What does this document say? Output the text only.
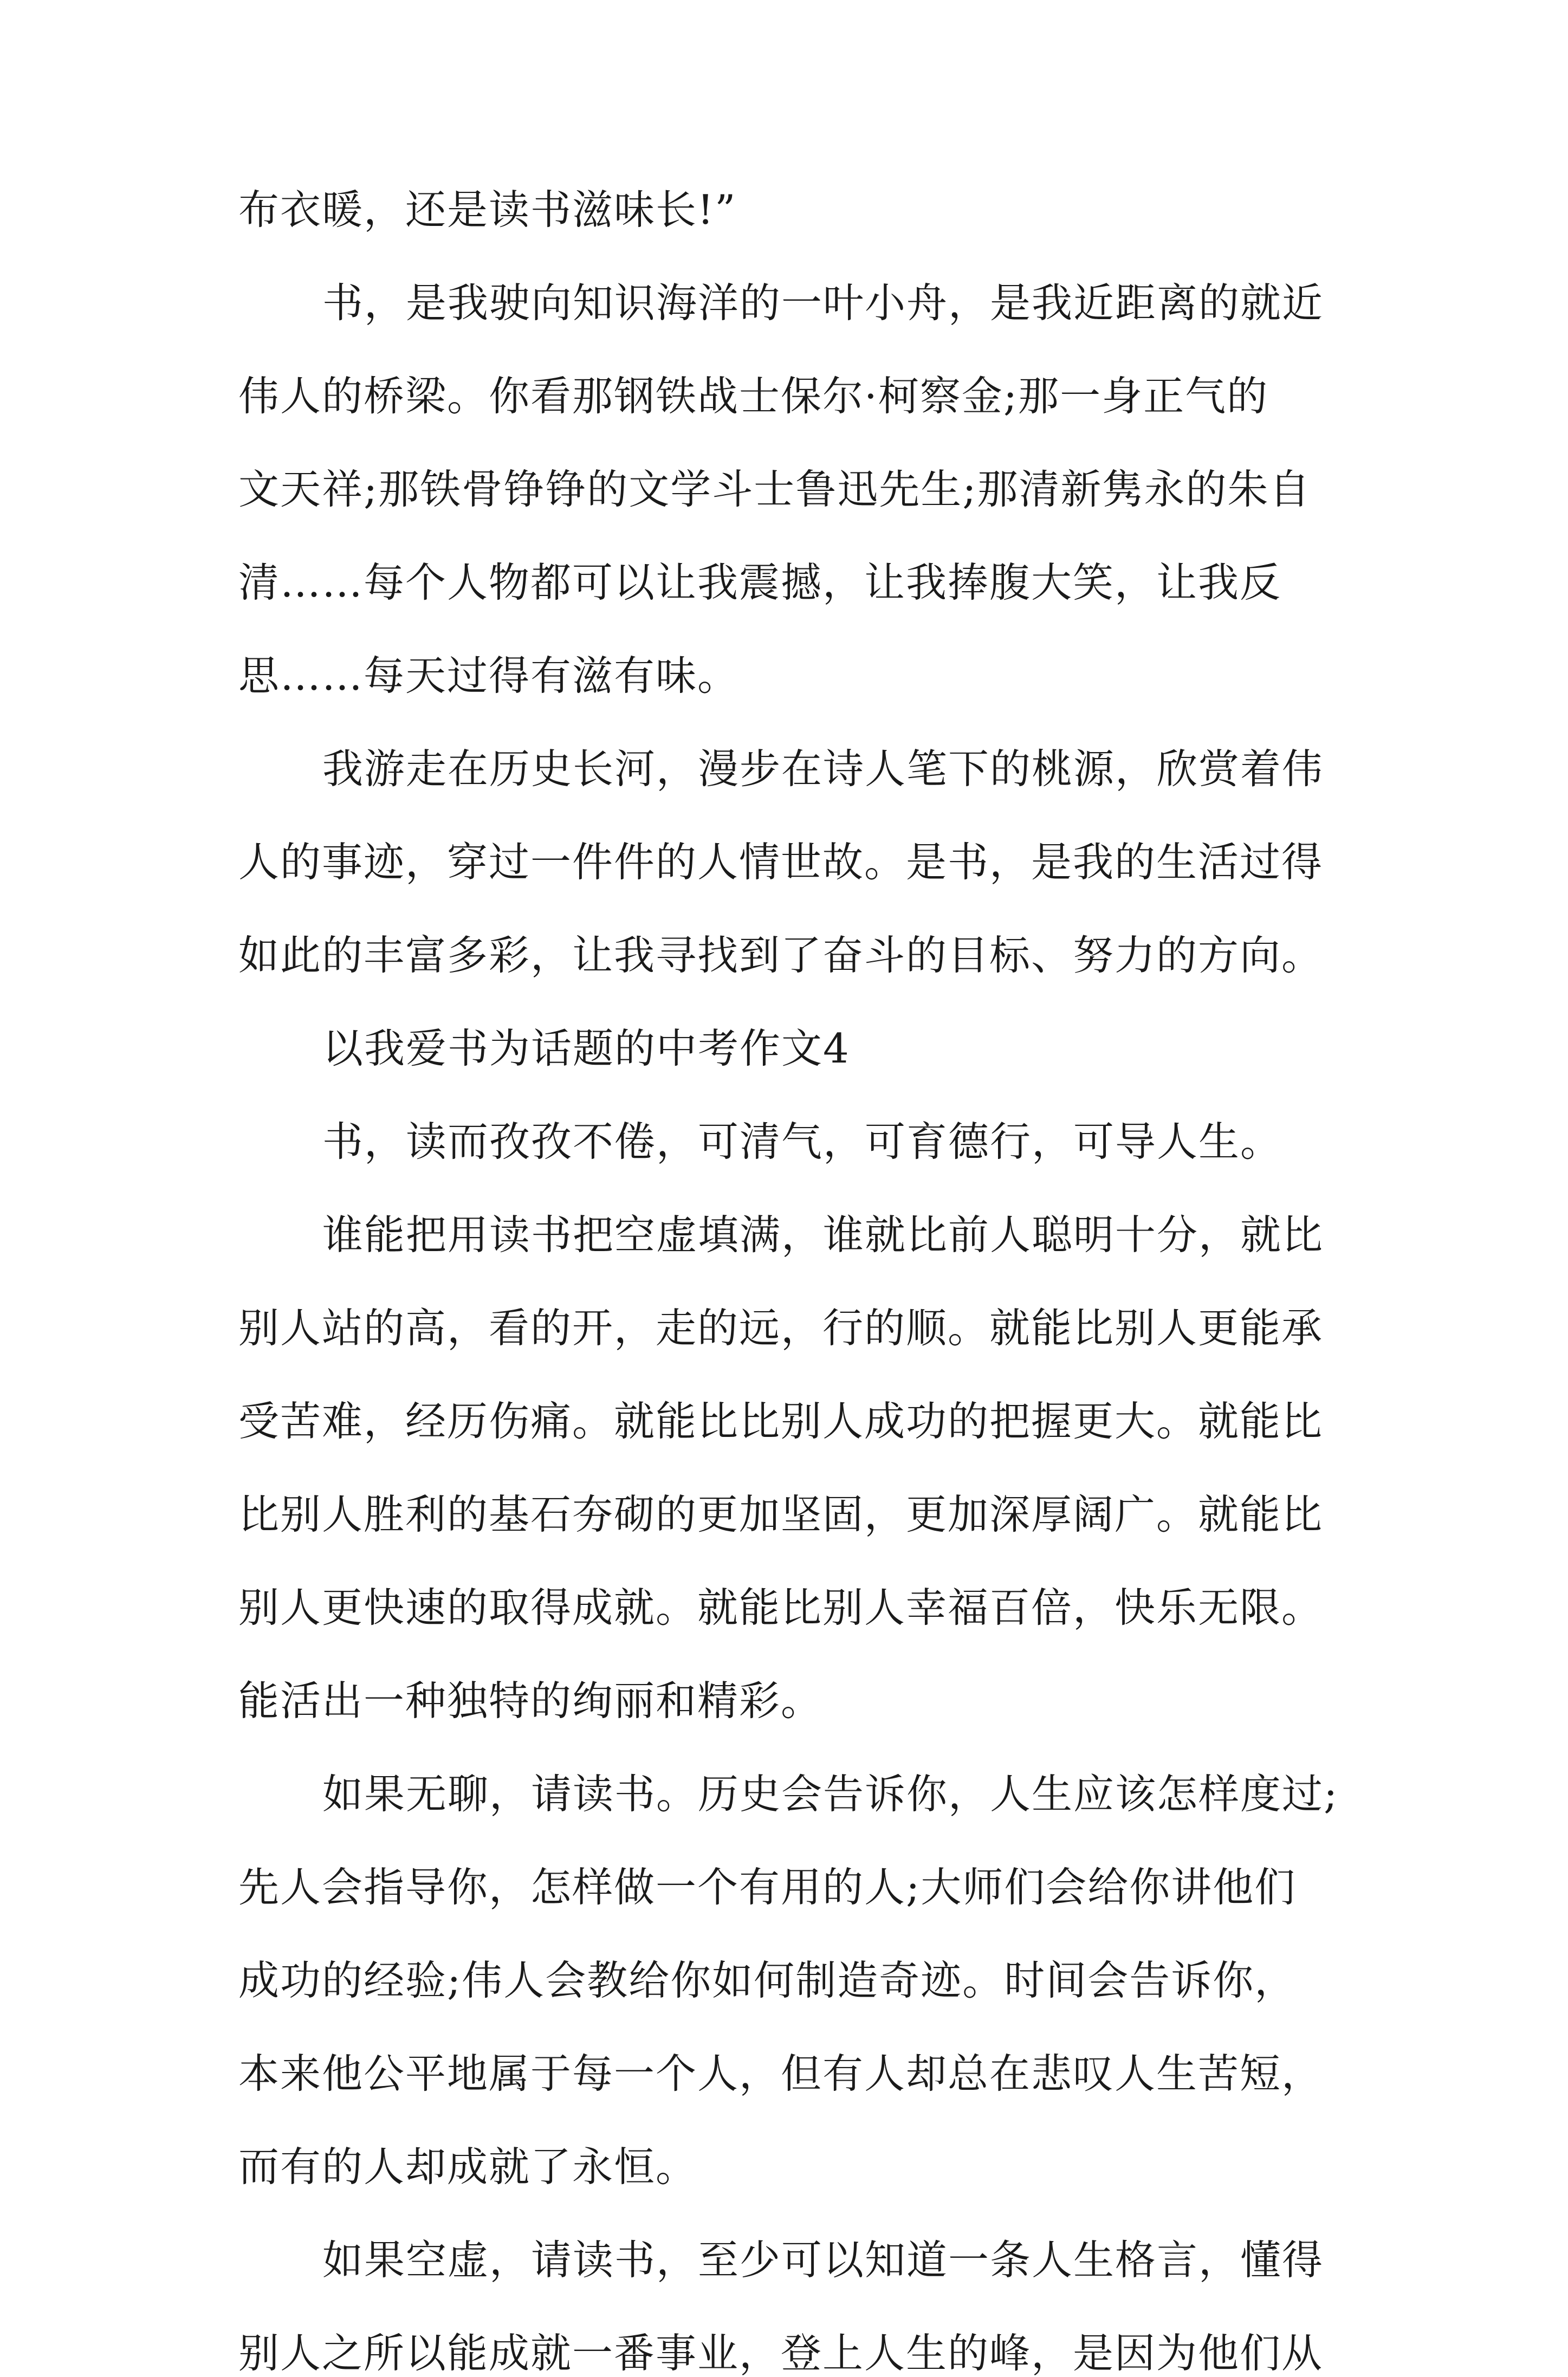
布衣暖，还是读书滋味长!”
书，是我驶向知识海洋的一叶小舟，是我近距离的就近
伟人的桥梁。你看那钢铁战士保尔·柯察金;那一身正气的
文天祥;那铁骨铮铮的文学斗士鲁迅先生;那清新隽永的朱自
清……每个人物都可以让我震撼，让我捧腹大笑，让我反
思……每天过得有滋有味。
我游走在历史长河，漫步在诗人笔下的桃源，欣赏着伟
人的事迹，穿过一件件的人情世故。是书，是我的生活过得
如此的丰富多彩，让我寻找到了奋斗的目标、努力的方向。
以我爱书为话题的中考作文4
书，读而孜孜不倦，可清气，可育德行，可导人生。
谁能把用读书把空虚填满，谁就比前人聪明十分，就比
别人站的高，看的开，走的远，行的顺。就能比别人更能承
受苦难，经历伤痛。就能比比别人成功的把握更大。就能比
比别人胜利的基石夯砌的更加坚固，更加深厚阔广。就能比
别人更快速的取得成就。就能比别人幸福百倍，快乐无限。
能活出一种独特的绚丽和精彩。
如果无聊，请读书。历史会告诉你，人生应该怎样度过;
先人会指导你，怎样做一个有用的人;大师们会给你讲他们
成功的经验;伟人会教给你如何制造奇迹。时间会告诉你，
本来他公平地属于每一个人，但有人却总在悲叹人生苦短，
而有的人却成就了永恒。
如果空虚，请读书，至少可以知道一条人生格言，懂得
别人之所以能成就一番事业，登上人生的峰，是因为他们从
